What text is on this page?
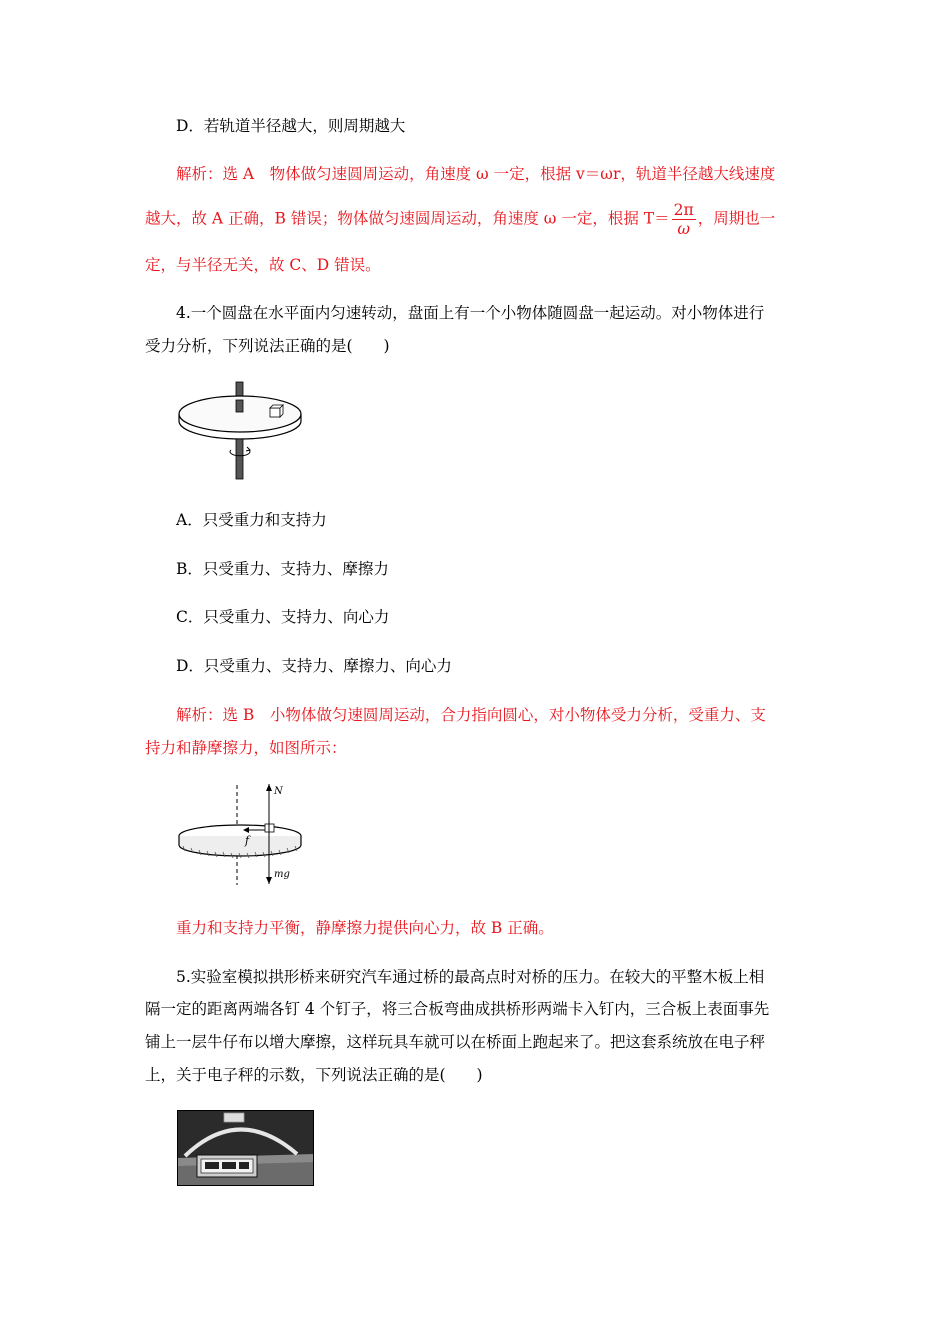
D．若轨道半径越大，则周期越大
解析：选 A　物体做匀速圆周运动，角速度 ω 一定，根据 v＝ωr，轨道半径越大线速度
越大，故 A 正确，B 错误；物体做匀速圆周运动，角速度 ω 一定，根据 $T= \frac{2\pi}{\omega}$ ，周期也一
定，与半径无关，故 C、D 错误。
4.一个圆盘在水平面内匀速转动，盘面上有一个小物体随圆盘一起运动。对小物体进行
受力分析，下列说法正确的是(　　)
A．只受重力和支持力
B．只受重力、支持力、摩擦力
C．只受重力、支持力、向心力
D．只受重力、支持力、摩擦力、向心力
解析：选 B　小物体做匀速圆周运动，合力指向圆心，对小物体受力分析，受重力、支
持力和静摩擦力，如图所示：
N
f
mg
重力和支持力平衡，静摩擦力提供向心力，故 B 正确。
5.实验室模拟拱形桥来研究汽车通过桥的最高点时对桥的压力。在较大的平整木板上相
隔一定的距离两端各钉 4 个钉子，将三合板弯曲成拱桥形两端卡入钉内，三合板上表面事先
铺上一层牛仔布以增大摩擦，这样玩具车就可以在桥面上跑起来了。把这套系统放在电子秤
上，关于电子秤的示数，下列说法正确的是(　　)
